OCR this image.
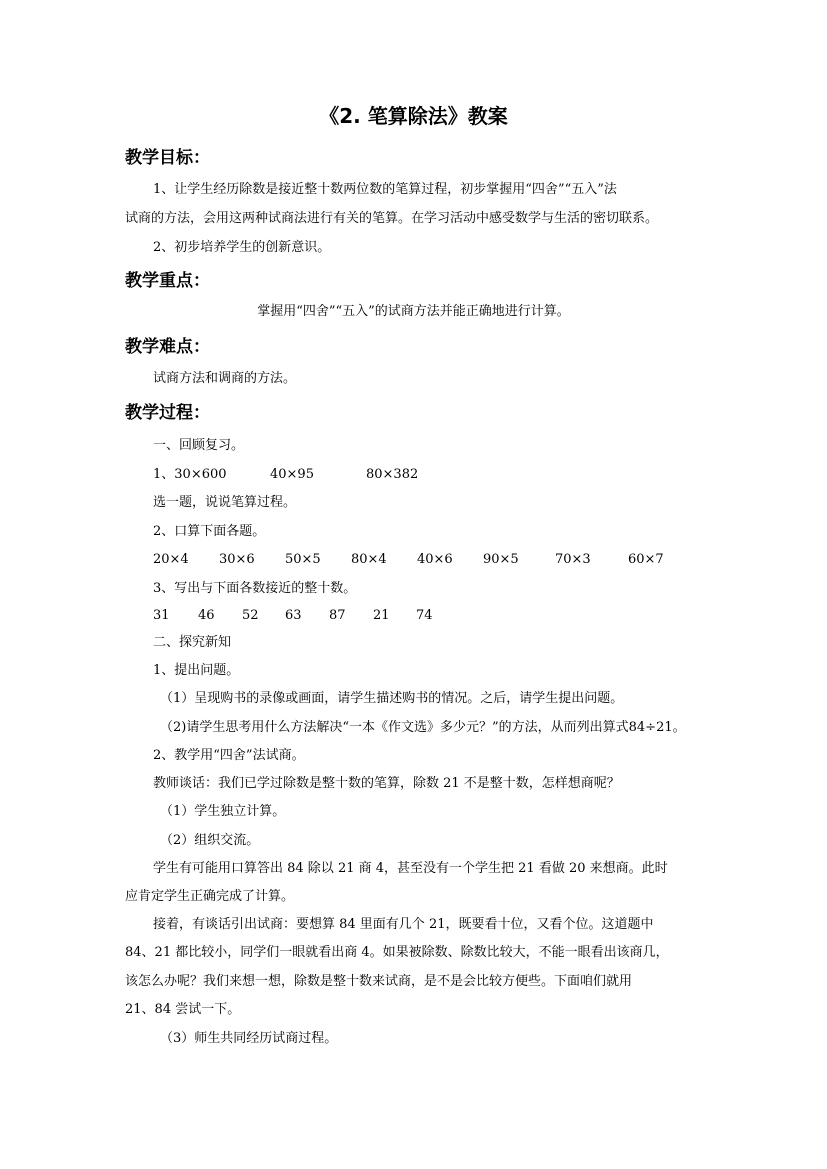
《2. 笔算除法》教案
教学目标：
1、让学生经历除数是接近整十数两位数的笔算过程，初步掌握用“四舍”“五入”法
试商的方法，会用这两种试商法进行有关的笔算。在学习活动中感受数学与生活的密切联系。
2、初步培养学生的创新意识。
教学重点：
掌握用“四舍”“五入”的试商方法并能正确地进行计算。
教学难点：
试商方法和调商的方法。
教学过程：
一、回顾复习。
1、30×600	40×95	80×382
选一题，说说笔算过程。
2、口算下面各题。
20×4 30×6 50×5 80×4 40×6 90×5	70×3	60×7
3、写出与下面各数接近的整十数。
31 46 52 63 87 21 74
二、探究新知
1、提出问题。
（1）呈现购书的录像或画面，请学生描述购书的情况。之后，请学生提出问题。
（2)请学生思考用什么方法解决“一本《作文选》多少元？”的方法，从而列出算式84÷21。
2、教学用“四舍”法试商。
教师谈话：我们已学过除数是整十数的笔算，除数 21 不是整十数，怎样想商呢？
（1）学生独立计算。
（2）组织交流。
学生有可能用口算答出 84 除以 21 商 4，甚至没有一个学生把 21 看做 20 来想商。此时
应肯定学生正确完成了计算。
接着，有谈话引出试商：要想算 84 里面有几个 21，既要看十位，又看个位。这道题中
84、21 都比较小，同学们一眼就看出商 4。如果被除数、除数比较大，不能一眼看出该商几，
该怎么办呢？我们来想一想，除数是整十数来试商，是不是会比较方便些。下面咱们就用
21、84 尝试一下。
（3）师生共同经历试商过程。
